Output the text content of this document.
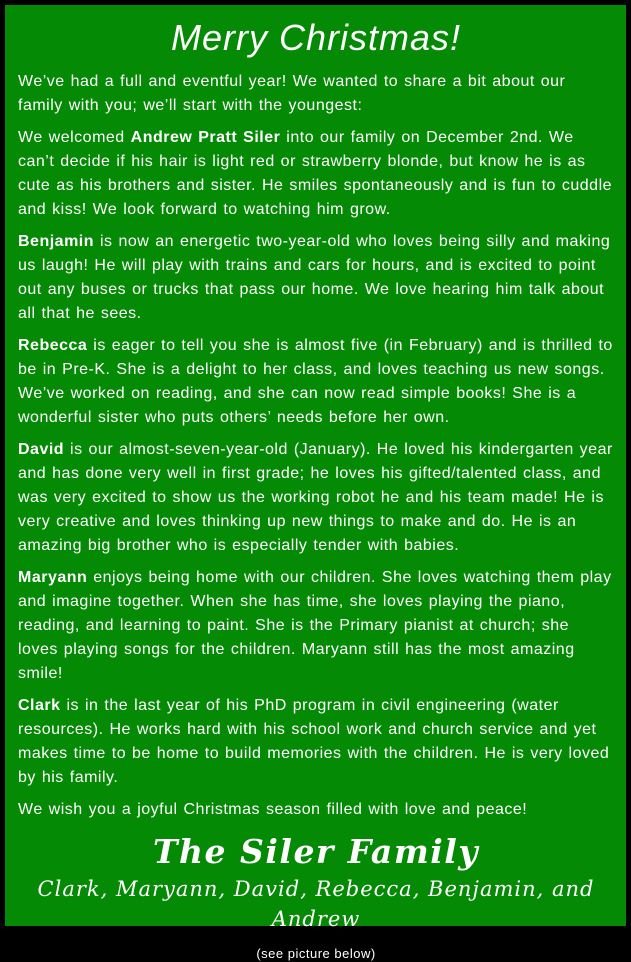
Merry Christmas!

We’ve had a full and eventful year! We wanted to share a bit about our family with you; we’ll start with the youngest:

We welcomed Andrew Pratt Siler into our family on December 2nd. We can’t decide if his hair is light red or strawberry blonde, but know he is as cute as his brothers and sister. He smiles spontaneously and is fun to cuddle and kiss! We look forward to watching him grow.

Benjamin is now an energetic two-year-old who loves being silly and making us laugh! He will play with trains and cars for hours, and is excited to point out any buses or trucks that pass our home. We love hearing him talk about all that he sees.

Rebecca is eager to tell you she is almost five (in February) and is thrilled to be in Pre-K. She is a delight to her class, and loves teaching us new songs. We’ve worked on reading, and she can now read simple books! She is a wonderful sister who puts others’ needs before her own.

David is our almost-seven-year-old (January). He loved his kindergarten year and has done very well in first grade; he loves his gifted/talented class, and was very excited to show us the working robot he and his team made! He is very creative and loves thinking up new things to make and do. He is an amazing big brother who is especially tender with babies.

Maryann enjoys being home with our children. She loves watching them play and imagine together. When she has time, she loves playing the piano, reading, and learning to paint. She is the Primary pianist at church; she loves playing songs for the children. Maryann still has the most amazing smile!

Clark is in the last year of his PhD program in civil engineering (water resources). He works hard with his school work and church service and yet makes time to be home to build memories with the children. He is very loved by his family.

We wish you a joyful Christmas season filled with love and peace!

The Siler Family
Clark, Maryann, David, Rebecca, Benjamin, and Andrew
(see picture below)
